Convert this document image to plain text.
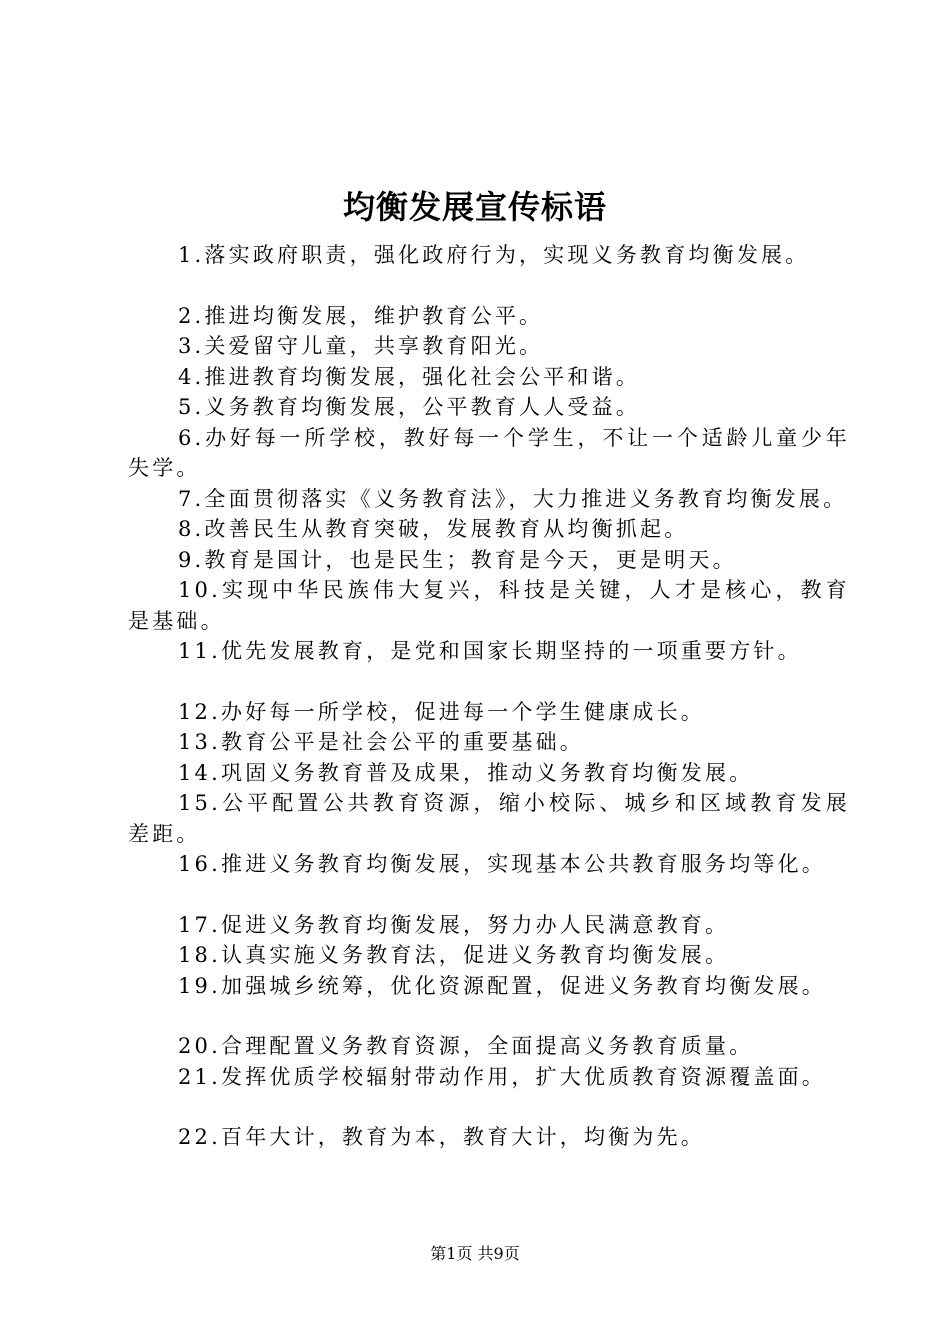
均衡发展宣传标语
1.落实政府职责，强化政府行为，实现义务教育均衡发展。
2.推进均衡发展，维护教育公平。
3.关爱留守儿童，共享教育阳光。
4.推进教育均衡发展，强化社会公平和谐。
5.义务教育均衡发展，公平教育人人受益。
6.办好每一所学校，教好每一个学生，不让一个适龄儿童少年失学。
7.全面贯彻落实《义务教育法》，大力推进义务教育均衡发展。
8.改善民生从教育突破，发展教育从均衡抓起。
9.教育是国计，也是民生；教育是今天，更是明天。
10.实现中华民族伟大复兴，科技是关键，人才是核心，教育是基础。
11.优先发展教育，是党和国家长期坚持的一项重要方针。
12.办好每一所学校，促进每一个学生健康成长。
13.教育公平是社会公平的重要基础。
14.巩固义务教育普及成果，推动义务教育均衡发展。
15.公平配置公共教育资源，缩小校际、城乡和区域教育发展差距。
16.推进义务教育均衡发展，实现基本公共教育服务均等化。
17.促进义务教育均衡发展，努力办人民满意教育。
18.认真实施义务教育法，促进义务教育均衡发展。
19.加强城乡统筹，优化资源配置，促进义务教育均衡发展。
20.合理配置义务教育资源，全面提高义务教育质量。
21.发挥优质学校辐射带动作用，扩大优质教育资源覆盖面。
22.百年大计，教育为本，教育大计，均衡为先。
第1页 共9页
